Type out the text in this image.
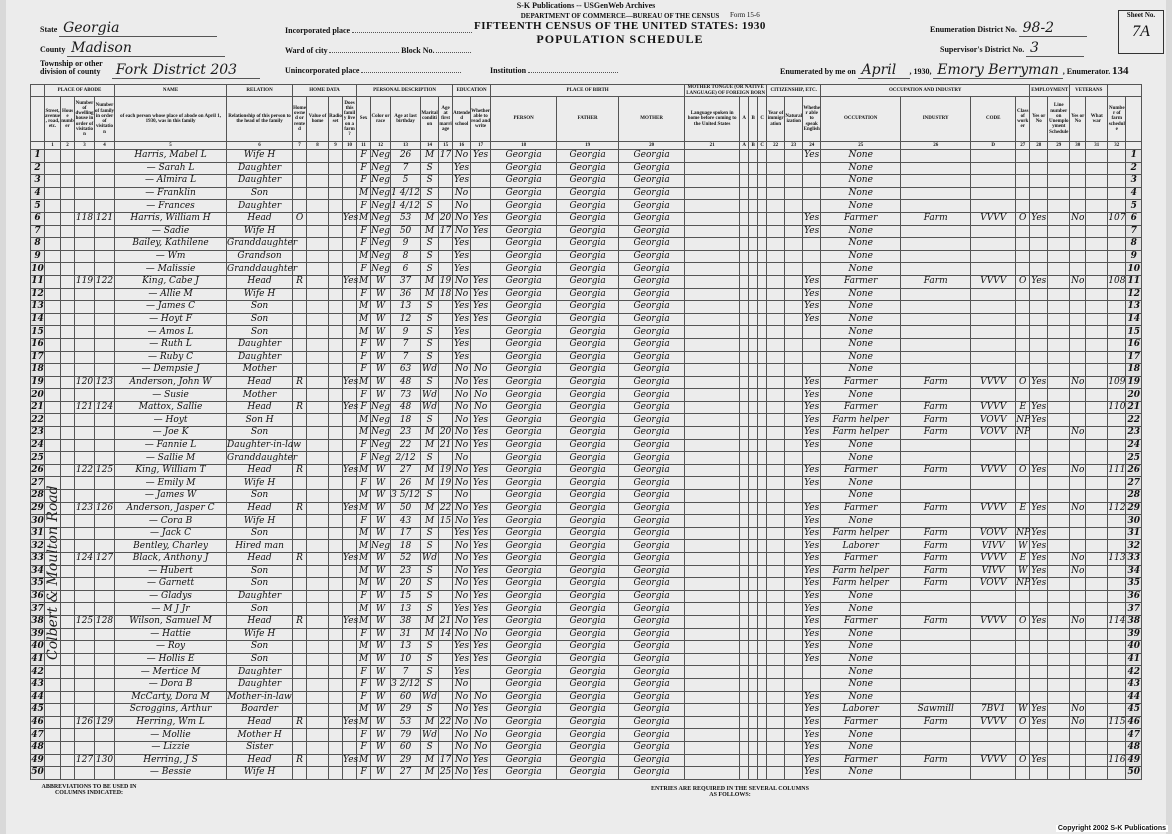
S-K Publications -- USGenWeb Archives
Form 15-6
DEPARTMENT OF COMMERCE—BUREAU OF THE CENSUS
FIFTEENTH CENSUS OF THE UNITED STATES: 1930
POPULATION SCHEDULE
State Georgia
County Madison
Township or other division of county Fork District 203
Incorporated place
Ward of city	Block No.
Unincorporated place	Institution
Enumeration District No. 98-2
Supervisor's District No. 3
Sheet No.
7A
Enumerated by me on April , 1930, Emory Berryman , Enumerator. 134
	PLACE OF ABODE				NAME	RELATION	HOME DATA				PERSONAL DESCRIPTION					EDUCATION		PLACE OF BIRTH			MOTHER TONGUE (OR NATIVE LANGUAGE) OF FOREIGN BORN				CITIZENSHIP, ETC.			OCCUPATION AND INDUSTRY				EMPLOYMENT		VETERANS			
	Street, avenue, road, etc.	House number	Number of dwelling house in order of visitation	Number of family in order of visitation	of each person whose place of abode on April 1, 1930, was in this family	Relationship of this person to the head of the family	Home owned or rented	Value of home	Radio set	Does this family live on a farm?	Sex	Color or race	Age at last birthday	Marital condition	Age at first marriage	Attended school	Whether able to read and write	PERSON	FATHER	MOTHER	Language spoken in home before coming to the United States	A	B	C	Year of immigration	Naturalization	Whether able to speak English	OCCUPATION	INDUSTRY	CODE	Class of worker	Yes or No	Line number on Unemployment Schedule	Yes or No	What war	Number of farm schedule	
	1	2	3	4	5	6	7	8	9	10	11	12	13	14	15	16	17	18	19	20	21	A	B	C	22	23	24	25	26	D	27	28	29	30	31	32	
1					Harris, Mabel L	Wife H					F	Neg	26	M	17	No	Yes	Georgia	Georgia	Georgia							Yes	None									1
2					— Sarah L	Daughter					F	Neg	7	S		Yes		Georgia	Georgia	Georgia								None									2
3					— Almira L	Daughter					F	Neg	5	S		Yes		Georgia	Georgia	Georgia								None									3
4					— Franklin	Son					M	Neg	1 4/12	S		No		Georgia	Georgia	Georgia								None									4
5					— Frances	Daughter					F	Neg	1 4/12	S		No		Georgia	Georgia	Georgia								None									5
6			118	121	Harris, William H	Head	O			Yes	M	Neg	53	M	20	No	Yes	Georgia	Georgia	Georgia							Yes	Farmer	Farm	VVVV	O	Yes		No		107	6
7					— Sadie	Wife H					F	Neg	50	M	17	No	Yes	Georgia	Georgia	Georgia							Yes	None									7
8					Bailey, Kathilene	Granddaughter					F	Neg	9	S		Yes		Georgia	Georgia	Georgia								None									8
9					— Wm	Grandson					M	Neg	8	S		Yes		Georgia	Georgia	Georgia								None									9
10					— Malissie	Granddaughter					F	Neg	6	S		Yes		Georgia	Georgia	Georgia								None									10
11			119	122	King, Cabe J	Head	R			Yes	M	W	37	M	19	No	Yes	Georgia	Georgia	Georgia							Yes	Farmer	Farm	VVVV	O	Yes		No		108	11
12					— Allie M	Wife H					F	W	36	M	18	No	Yes	Georgia	Georgia	Georgia							Yes	None									12
13					— James C	Son					M	W	13	S		Yes	Yes	Georgia	Georgia	Georgia							Yes	None									13
14					— Hoyt F	Son					M	W	12	S		Yes	Yes	Georgia	Georgia	Georgia							Yes	None									14
15					— Amos L	Son					M	W	9	S		Yes		Georgia	Georgia	Georgia								None									15
16					— Ruth L	Daughter					F	W	7	S		Yes		Georgia	Georgia	Georgia								None									16
17					— Ruby C	Daughter					F	W	7	S		Yes		Georgia	Georgia	Georgia								None									17
18					— Dempsie J	Mother					F	W	63	Wd		No	No	Georgia	Georgia	Georgia								None									18
19			120	123	Anderson, John W	Head	R			Yes	M	W	48	S		No	Yes	Georgia	Georgia	Georgia							Yes	Farmer	Farm	VVVV	O	Yes		No		109	19
20					— Susie	Mother					F	W	73	Wd		No	No	Georgia	Georgia	Georgia							Yes	None									20
21			121	124	Mattox, Sallie	Head	R			Yes	F	Neg	48	Wd		No	No	Georgia	Georgia	Georgia							Yes	Farmer	Farm	VVVV	E	Yes				110	21
22					— Hoyt	Son H					M	Neg	18	S		No	Yes	Georgia	Georgia	Georgia							Yes	Farm helper	Farm	VOVV	NP	Yes					22
23					— Joe K	Son					M	Neg	23	M	20	No	Yes	Georgia	Georgia	Georgia							Yes	Farm helper	Farm	VOVV	NP			No			23
24					— Fannie L	Daughter-in-law					F	Neg	22	M	21	No	Yes	Georgia	Georgia	Georgia							Yes	None									24
25					— Sallie M	Granddaughter					F	Neg	2/12	S		No		Georgia	Georgia	Georgia								None									25
26			122	125	King, William T	Head	R			Yes	M	W	27	M	19	No	Yes	Georgia	Georgia	Georgia							Yes	Farmer	Farm	VVVV	O	Yes		No		111	26
27					— Emily M	Wife H					F	W	26	M	19	No	Yes	Georgia	Georgia	Georgia							Yes	None									27
28					— James W	Son					M	W	3 5/12	S		No		Georgia	Georgia	Georgia								None									28
29			123	126	Anderson, Jasper C	Head	R			Yes	M	W	50	M	22	No	Yes	Georgia	Georgia	Georgia							Yes	Farmer	Farm	VVVV	E	Yes		No		112	29
30					— Cora B	Wife H					F	W	43	M	15	No	Yes	Georgia	Georgia	Georgia							Yes	None									30
31					— Jack C	Son					M	W	17	S		Yes	Yes	Georgia	Georgia	Georgia							Yes	Farm helper	Farm	VOVV	NP	Yes					31
32					Bentley, Charley	Hired man					M	Neg	18	S		No	Yes	Georgia	Georgia	Georgia							Yes	Laborer	Farm	VIVV	W	Yes					32
33			124	127	Black, Anthony J	Head	R			Yes	M	W	52	Wd		No	Yes	Georgia	Georgia	Georgia							Yes	Farmer	Farm	VVVV	E	Yes		No		113	33
34					— Hubert	Son					M	W	23	S		No	Yes	Georgia	Georgia	Georgia							Yes	Farm helper	Farm	VIVV	W	Yes		No			34
35					— Garnett	Son					M	W	20	S		No	Yes	Georgia	Georgia	Georgia							Yes	Farm helper	Farm	VOVV	NP	Yes					35
36					— Gladys	Daughter					F	W	15	S		No	Yes	Georgia	Georgia	Georgia							Yes	None									36
37					— M J Jr	Son					M	W	13	S		Yes	Yes	Georgia	Georgia	Georgia							Yes	None									37
38			125	128	Wilson, Samuel M	Head	R			Yes	M	W	38	M	21	No	Yes	Georgia	Georgia	Georgia							Yes	Farmer	Farm	VVVV	O	Yes		No		114	38
39					— Hattie	Wife H					F	W	31	M	14	No	No	Georgia	Georgia	Georgia							Yes	None									39
40					— Roy	Son					M	W	13	S		Yes	Yes	Georgia	Georgia	Georgia							Yes	None									40
41					— Hollis E	Son					M	W	10	S		Yes	Yes	Georgia	Georgia	Georgia							Yes	None									41
42					— Mertice M	Daughter					F	W	7	S		Yes		Georgia	Georgia	Georgia								None									42
43					— Dora B	Daughter					F	W	3 2/12	S		No		Georgia	Georgia	Georgia								None									43
44					McCarty, Dora M	Mother-in-law					F	W	60	Wd		No	No	Georgia	Georgia	Georgia							Yes	None									44
45					Scroggins, Arthur	Boarder					M	W	29	S		No	Yes	Georgia	Georgia	Georgia							Yes	Laborer	Sawmill	7BV1	W	Yes		No			45
46			126	129	Herring, Wm L	Head	R			Yes	M	W	53	M	22	No	No	Georgia	Georgia	Georgia							Yes	Farmer	Farm	VVVV	O	Yes		No		115	46
47					— Mollie	Mother H					F	W	79	Wd		No	No	Georgia	Georgia	Georgia							Yes	None									47
48					— Lizzie	Sister					F	W	60	S		No	No	Georgia	Georgia	Georgia							Yes	None									48
49			127	130	Herring, J S	Head	R			Yes	M	W	29	M	17	No	Yes	Georgia	Georgia	Georgia							Yes	Farmer	Farm	VVVV	O	Yes				116	49
50					— Bessie	Wife H					F	W	27	M	25	No	Yes	Georgia	Georgia	Georgia							Yes	None									50
Colbert & Moulton Road
ABBREVIATIONS TO BE USED IN COLUMNS INDICATED:
ENTRIES ARE REQUIRED IN THE SEVERAL COLUMNS AS FOLLOWS:
Copyright 2002 S-K Publications
